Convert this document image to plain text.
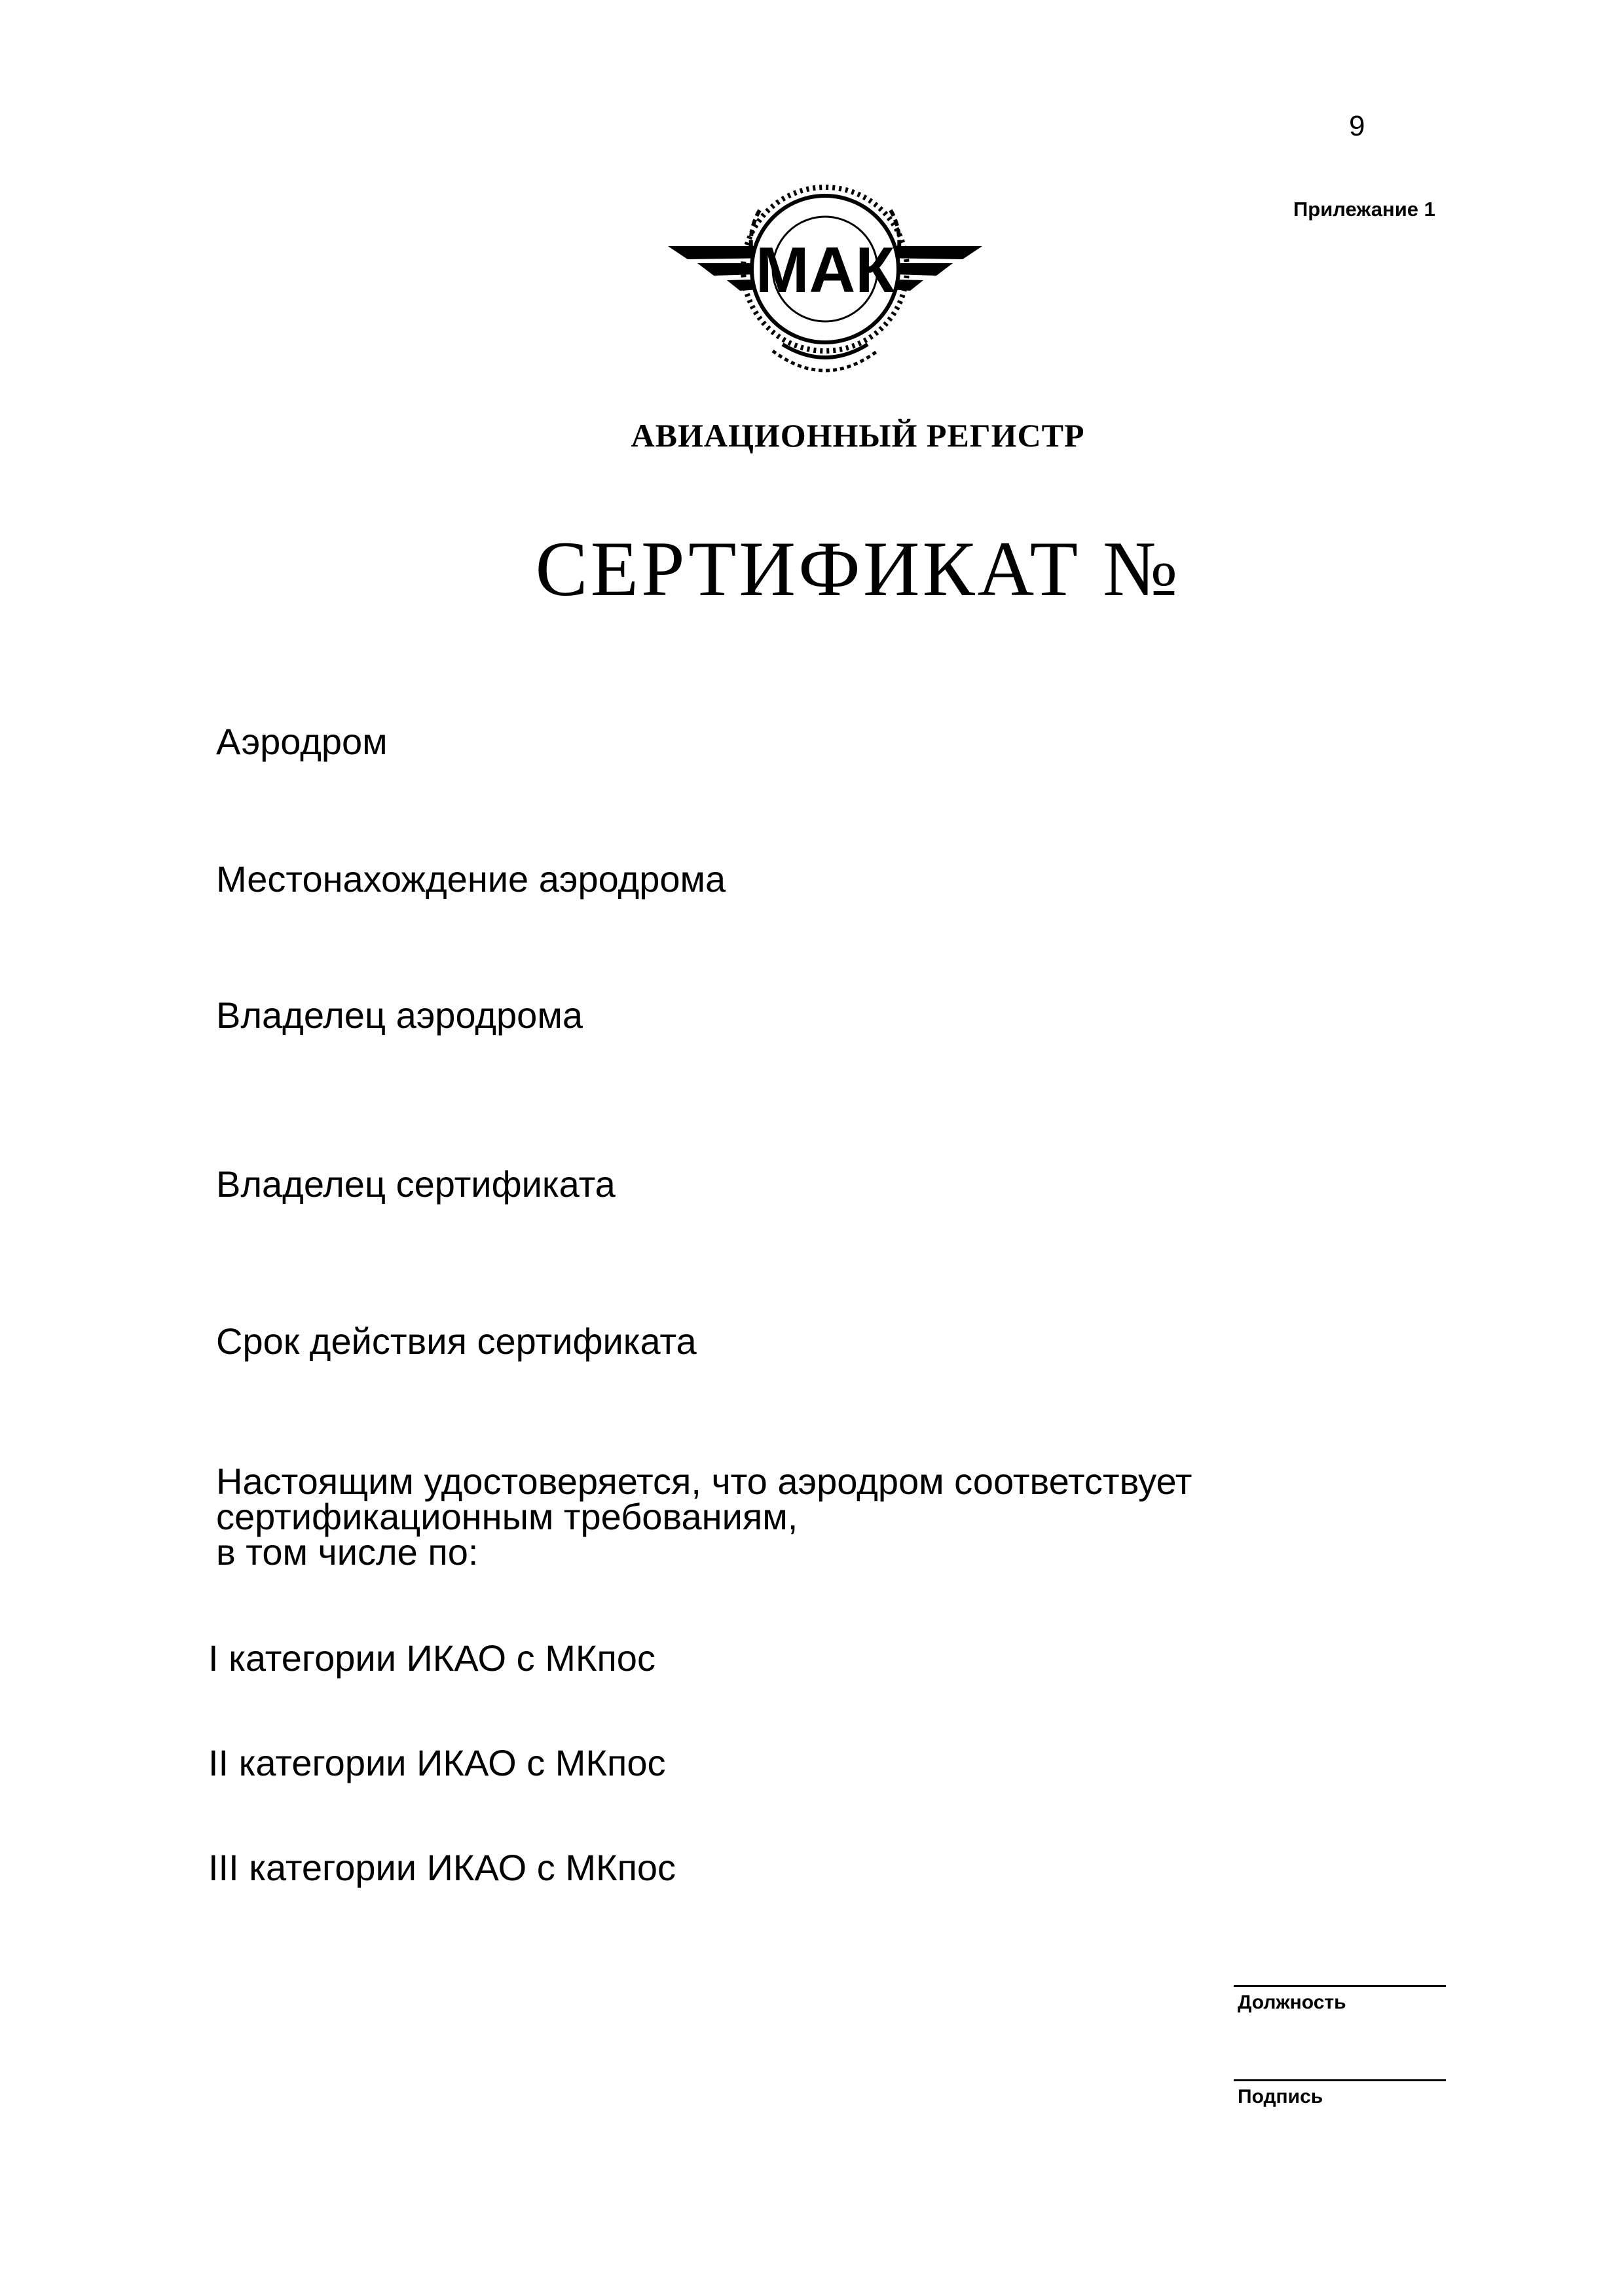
9
Прилежание 1
МАК
АВИАЦИОННЫЙ РЕГИСТР
СЕРТИФИКАТ №
Аэродром
Местонахождение аэродрома
Владелец аэродрома
Владелец сертификата
Срок действия сертификата
Настоящим удостоверяется, что аэродром соответствует
сертификационным требованиям,
в том числе по:
I категории ИКАО с МКпос
II категории ИКАО с МКпос
III категории ИКАО с МКпос
Должность
Подпись
